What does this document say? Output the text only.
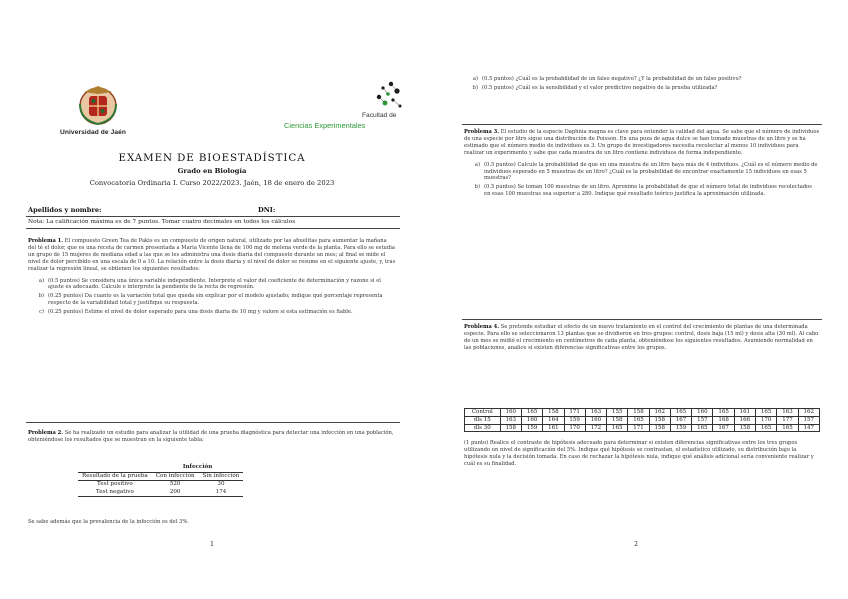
Universidad de Jaén
Facultad de
Ciencias Experimentales
EXAMEN DE BIOESTADÍSTICA
Grado en Biología
Convocatoria Ordinaria I. Curso 2022/2023. Jaén, 18 de enero de 2023
Apellidos y nombre:	DNI:
Nota: La calificación máxima es de 7 puntos. Tomar cuatro decimales en todos los cálculos

Problema 1. El compuesto Green Tea de Pakis es un compuesto de origen natural, utilizado por las abuelitas para aumentar la mañana del té el dolor, que es una receta de carmen presentada a Maria Vicente llena de 100 mg de melena verde de la planta. Para ello se estudia un grupo de 15 mujeres de mediana edad a las que se les administra una dosis diaria del compuesto durante un mes; al final se mide el nivel de dolor percibido en una escala de 0 a 10. La relación entre la dosis diaria y el nivel de dolor se resume en el siguiente ajuste, y, tras realizar la regresión lineal, se obtienen los siguientes resultados:

a) (0.5 puntos) Se considera una única variable independiente. Interprete el valor del coeficiente de determinación y razone si el ajuste es adecuado. Calcule e interprete la pendiente de la recta de regresión.
b) (0.25 puntos) Da cuanto es la variación total que queda sin explicar por el modelo ajustado; indique qué porcentaje representa respecto de la variabilidad total y justifique su respuesta.
c) (0.25 puntos) Estime el nivel de dolor esperado para una dosis diaria de 10 mg y valore si esta estimación es fiable.

Problema 2. Se ha realizado un estudio para analizar la utilidad de una prueba diagnóstica para detectar una infección en una población, obteniéndose los resultados que se muestran en la siguiente tabla:

	Infección	
Resultado de la prueba	Con infección	Sin infección
Test positivo	520	30
Test negativo	200	174
Se sabe además que la prevalencia de la infección es del 3%.
1
a) (0.5 puntos) ¿Cuál es la probabilidad de un falso negativo? ¿Y la probabilidad de un falso positivo?
b) (0.5 puntos) ¿Cuál es la sensibilidad y el valor predictivo negativo de la prueba utilizada?

Problema 3. El estudio de la especie Daphnia magna es clave para entender la calidad del agua. Se sabe que el número de individuos de una especie por litro sigue una distribución de Poisson. En una poza de agua dulce se han tomado muestras de un litro y se ha estimado que el número medio de individuos es 3. Un grupo de investigadores necesita recolectar al menos 10 individuos para realizar un experimento y sabe que cada muestra de un litro contiene individuos de forma independiente.

a) (0.5 puntos) Calcule la probabilidad de que en una muestra de un litro haya más de 4 individuos. ¿Cuál es el número medio de individuos esperado en 5 muestras de un litro? ¿Cuál es la probabilidad de encontrar exactamente 15 individuos en esas 5 muestras?
b) (0.5 puntos) Se toman 100 muestras de un litro. Aproxime la probabilidad de que el número total de individuos recolectados en esas 100 muestras sea superior a 280. Indique qué resultado teórico justifica la aproximación utilizada.

Problema 4. Se pretende estudiar el efecto de un nuevo tratamiento en el control del crecimiento de plantas de una determinada especie. Para ello se seleccionaron 13 plantas que se dividieron en tres grupos: control, dosis baja (15 ml) y dosis alta (30 ml). Al cabo de un mes se midió el crecimiento en centímetros de cada planta, obteniéndose los siguientes resultados. Asumiendo normalidad en las poblaciones, analice si existen diferencias significativas entre los grupos.

Control	160	165	158	171	163	155	158	162	165	160	165	161	165	163	162
dls 15	163	160	164	159	160	158	165	158	167	157	168	166	170	177	157
dls 30	158	159	161	170	172	165	171	158	159	165	167	158	165	165	147
(1 punto) Realice el contraste de hipótesis adecuado para determinar si existen diferencias significativas entre los tres grupos utilizando un nivel de significación del 5%. Indique qué hipótesis se contrastan, el estadístico utilizado, su distribución bajo la hipótesis nula y la decisión tomada. En caso de rechazar la hipótesis nula, indique qué análisis adicional sería conveniente realizar y cuál es su finalidad.
2
